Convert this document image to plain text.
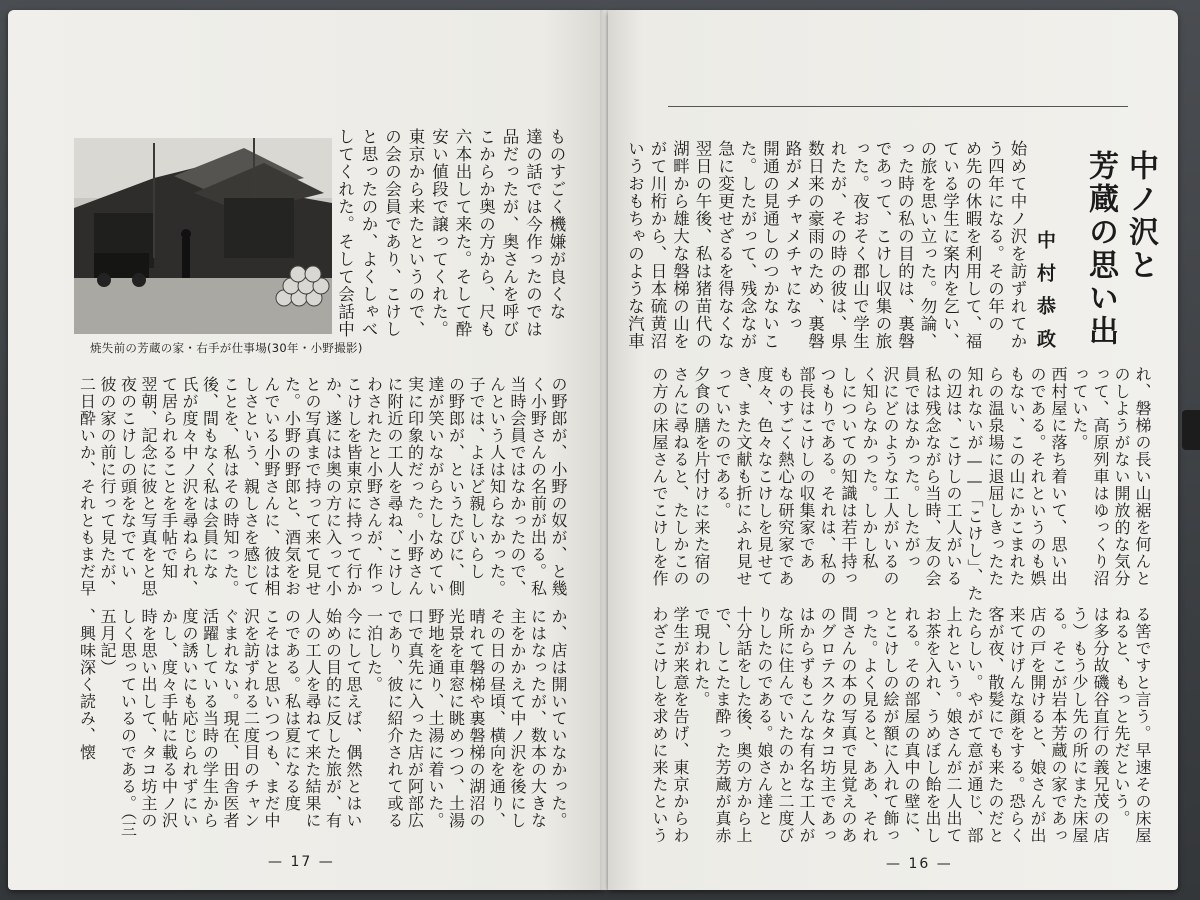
焼失前の芳蔵の家・右手が仕事場(30年・小野撮影)
ものすごく機嫌が良くな
達の話では今作ったのでは
品だったが、奥さんを呼び
こからか奥の方から、尺も
六本出して来た。そして酔
安い値段で譲ってくれた。
東京から来たというので、
の会の会員であり、こけし
と思ったのか、よくしゃべ
してくれた。そして会話中
の野郎が、小野の奴が、と幾
く小野さんの名前が出る。私
当時会員ではなかったので、
んという人は知らなかった。
子では、よほど親しいらし
の野郎が、というたびに、側
達が笑いながらたしなめてい
実に印象的だった。小野さん
に附近の工人を尋ね、こけし
わされたと小野さんが、作っ
こけしを皆東京に持って行か
か、遂には奥の方に入って小
との写真まで持って来て見せ
た。小野の野郎と、酒気をお
んでいる小野さんに、彼は相
しさという、親しさを感じて
ことを、私はその時知った。
後、間もなく私は会員にな
氏が度々中ノ沢を尋ねられ、
て居られることを手帖で知
翌朝、記念に彼と写真をと思
夜のこけしの頭をなでてい
彼の家の前に行って見たが、
二日酔いか、それともまだ早
か、店は開いていなかった。
にはなったが、数本の大きな
主をかかえて中ノ沢を後にし
その日の昼頃、横向を通り、
晴れて磐梯や裏磐梯の湖沼の
光景を車窓に眺めつつ、土湯
野地を通り、土湯に着いた。
口で真先に入った店が阿部広
であり、彼に紹介されて或る
一泊した。
今にして思えば、偶然とはい
始めの目的に反した旅が、有
人の工人を尋ねて来た結果に
のである。私は夏になる度
こそはと思いつつも、まだ中
沢を訪ずれる二度目のチャン
ぐまれない。現在、田舎医者
活躍している当時の学生から
度の誘いにも応じられずにい
かし、度々手帖に載る中ノ沢
時を思い出して、タコ坊主の
しく思っているのである。（三
五月記）
、興味深く読み、懐
— 17 —
中ノ沢と
芳蔵の思い出
中村恭政
始めて中ノ沢を訪ずれてか
う四年になる。その年の
め先の休暇を利用して、福
ている学生に案内を乞い、
の旅を思い立った。勿論、
った時の私の目的は、裏磐
であって、こけし収集の旅
った。夜おそく郡山で学生
れたが、その時の彼は、県
数日来の豪雨のため、裏磐
路がメチャメチャになっ
開通の見通しのつかないこ
た。したがって、残念なが
急に変更せざるを得なくな
翌日の午後、私は猪苗代の
湖畔から雄大な磐梯の山を
がて川桁から、日本硫黄沼
いうおもちゃのような汽車
れ、磐梯の長い山裾を何んと
のしようがない開放的な気分
って、高原列車はゆっくり沼
っていた。
西村屋に落ち着いて、思い出
のである。それというのも娯
もない、この山にかこまれた
らの温泉場に退屈しきったた
知れないが——「こけし」、た
の辺は、こけしの工人がいる
私は残念ながら当時、友の会
員ではなかった。したがっ
沢にどのような工人がいるの
く知らなかった。しかし私
しについての知識は若干持っ
つもりである。それは、私の
部長はこけしの収集家であ
ものすごく熱心な研究家であ
度々、色々なこけしを見せて
き、また文献も折にふれ見せ
っていたのである。
夕食の膳を片付けに来た宿の
さんに尋ねると、たしかこの
の方の床屋さんでこけしを作
る筈ですと言う。早速その床屋
ねると、もっと先だという。
は多分故磯谷直行の義兄茂の店
う）もう少し先の所にまた床屋
る。そこが岩本芳蔵の家であっ
店の戸を開けると、娘さんが出
来てけげんな顔をする。恐らく
客が夜、散髪にでも来たのだと
たらしい。やがて意が通じ、部
上れという。娘さんが二人出て
お茶を入れ、うめぼし飴を出し
れる。その部屋の真中の壁に、
とこけしの絵が額に入れて飾っ
った。よく見ると、ああ、それ
間さんの本の写真で見覚えのあ
のグロテスクなタコ坊主であっ
はからずもこんな有名な工人が
な所に住んでいたのかと二度び
りしたのである。娘さん達と
十分話をした後、奥の方から上
で、しこたま酔った芳蔵が真赤
で現われた。
学生が来意を告げ、東京からわ
わざこけしを求めに来たという
— 16 —
